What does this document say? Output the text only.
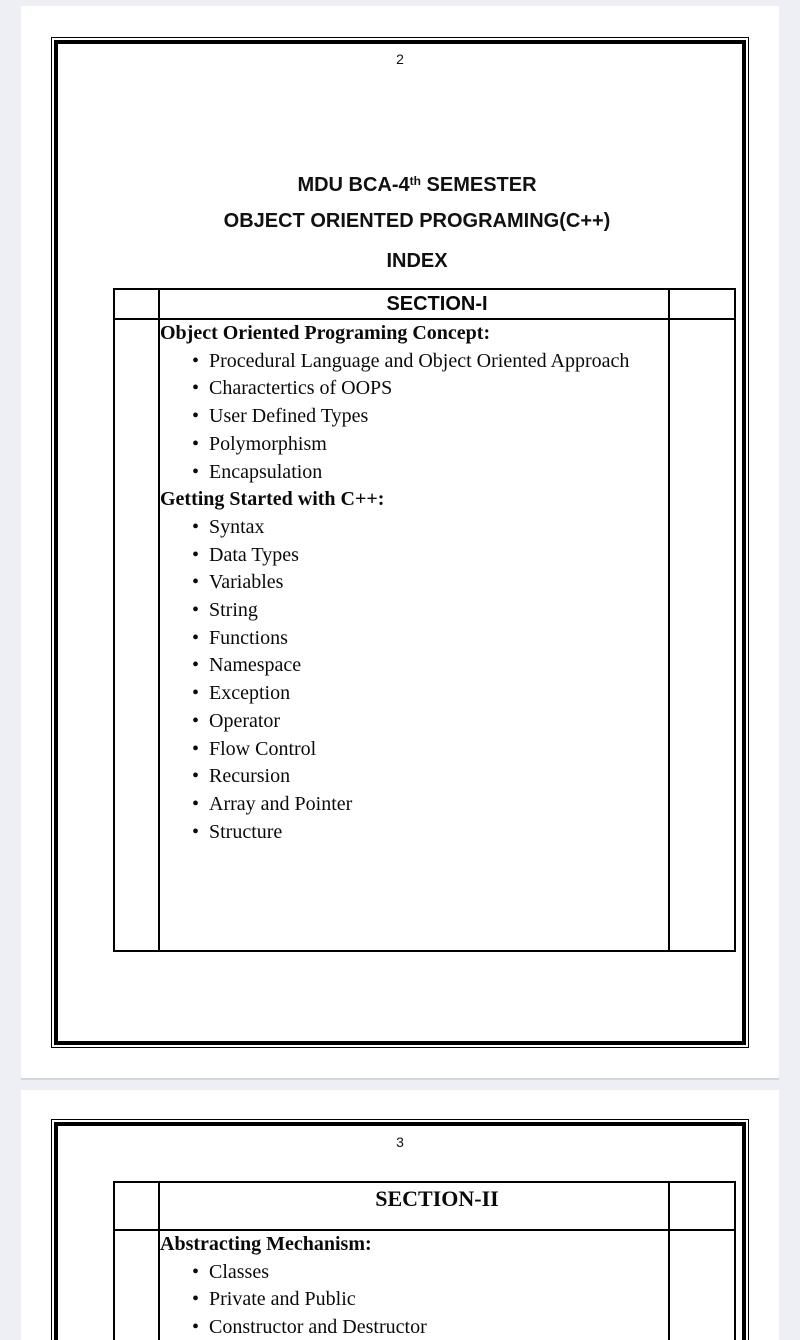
2
MDU BCA-4th SEMESTER
OBJECT ORIENTED PROGRAMING(C++)
INDEX
	SECTION-I	

Object Oriented Programing Concept:
• Procedural Language and Object Oriented Approach
• Charactertics of OOPS
• User Defined Types
• Polymorphism
• Encapsulation
Getting Started with C++:
• Syntax
• Data Types
• Variables
• String
• Functions
• Namespace
• Exception
• Operator
• Flow Control
• Recursion
• Array and Pointer
• Structure

3
	SECTION-II	

Abstracting Mechanism:
• Classes
• Private and Public
• Constructor and Destructor
